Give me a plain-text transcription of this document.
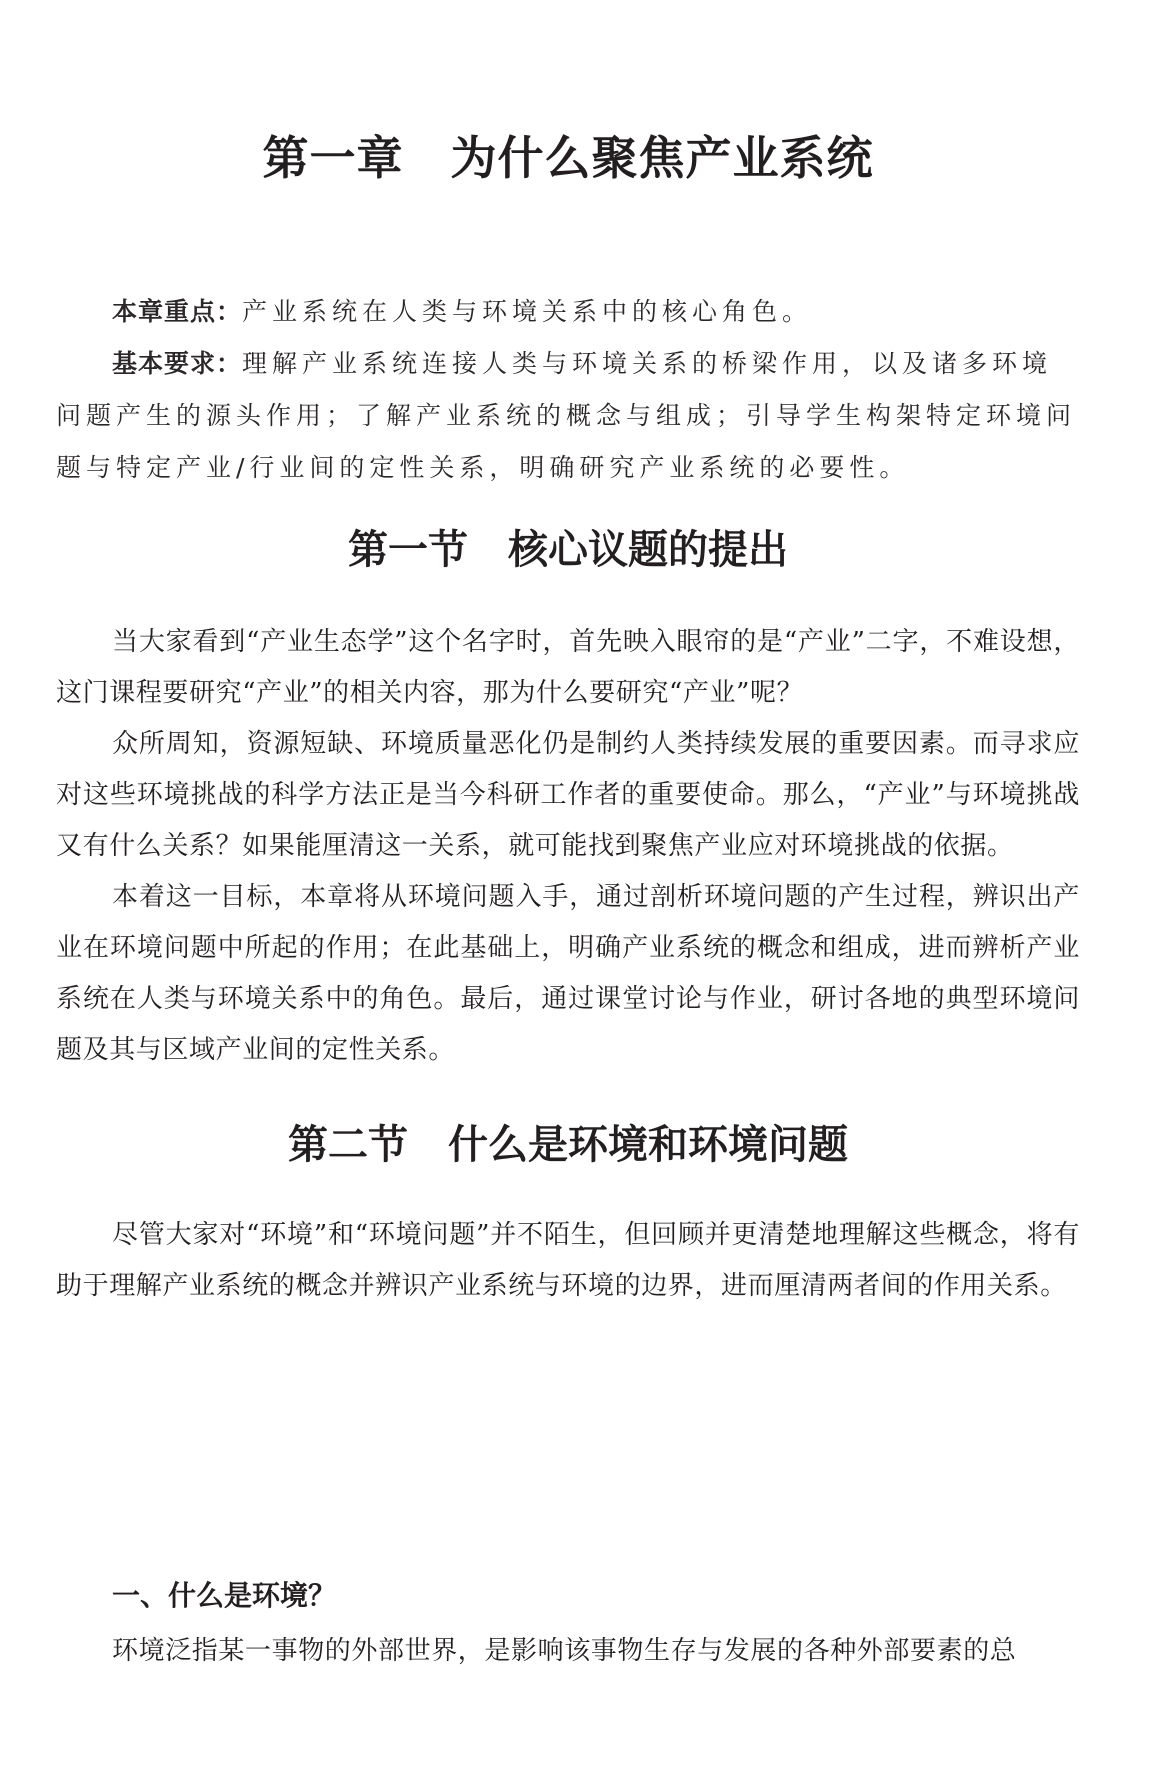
第一章　为什么聚焦产业系统

本章重点：产业系统在人类与环境关系中的核心角色。

基本要求：理解产业系统连接人类与环境关系的桥梁作用，以及诸多环境问题产生的源头作用；了解产业系统的概念与组成；引导学生构架特定环境问题与特定产业/行业间的定性关系，明确研究产业系统的必要性。

第一节　核心议题的提出

当大家看到“产业生态学”这个名字时，首先映入眼帘的是“产业”二字，不难设想，这门课程要研究“产业”的相关内容，那为什么要研究“产业”呢？

众所周知，资源短缺、环境质量恶化仍是制约人类持续发展的重要因素。而寻求应对这些环境挑战的科学方法正是当今科研工作者的重要使命。那么，“产业”与环境挑战又有什么关系？如果能厘清这一关系，就可能找到聚焦产业应对环境挑战的依据。

本着这一目标，本章将从环境问题入手，通过剖析环境问题的产生过程，辨识出产业在环境问题中所起的作用；在此基础上，明确产业系统的概念和组成，进而辨析产业系统在人类与环境关系中的角色。最后，通过课堂讨论与作业，研讨各地的典型环境问题及其与区域产业间的定性关系。

第二节　什么是环境和环境问题

尽管大家对“环境”和“环境问题”并不陌生，但回顾并更清楚地理解这些概念，将有助于理解产业系统的概念并辨识产业系统与环境的边界，进而厘清两者间的作用关系。

一、什么是环境？

环境泛指某一事物的外部世界，是影响该事物生存与发展的各种外部要素的总
